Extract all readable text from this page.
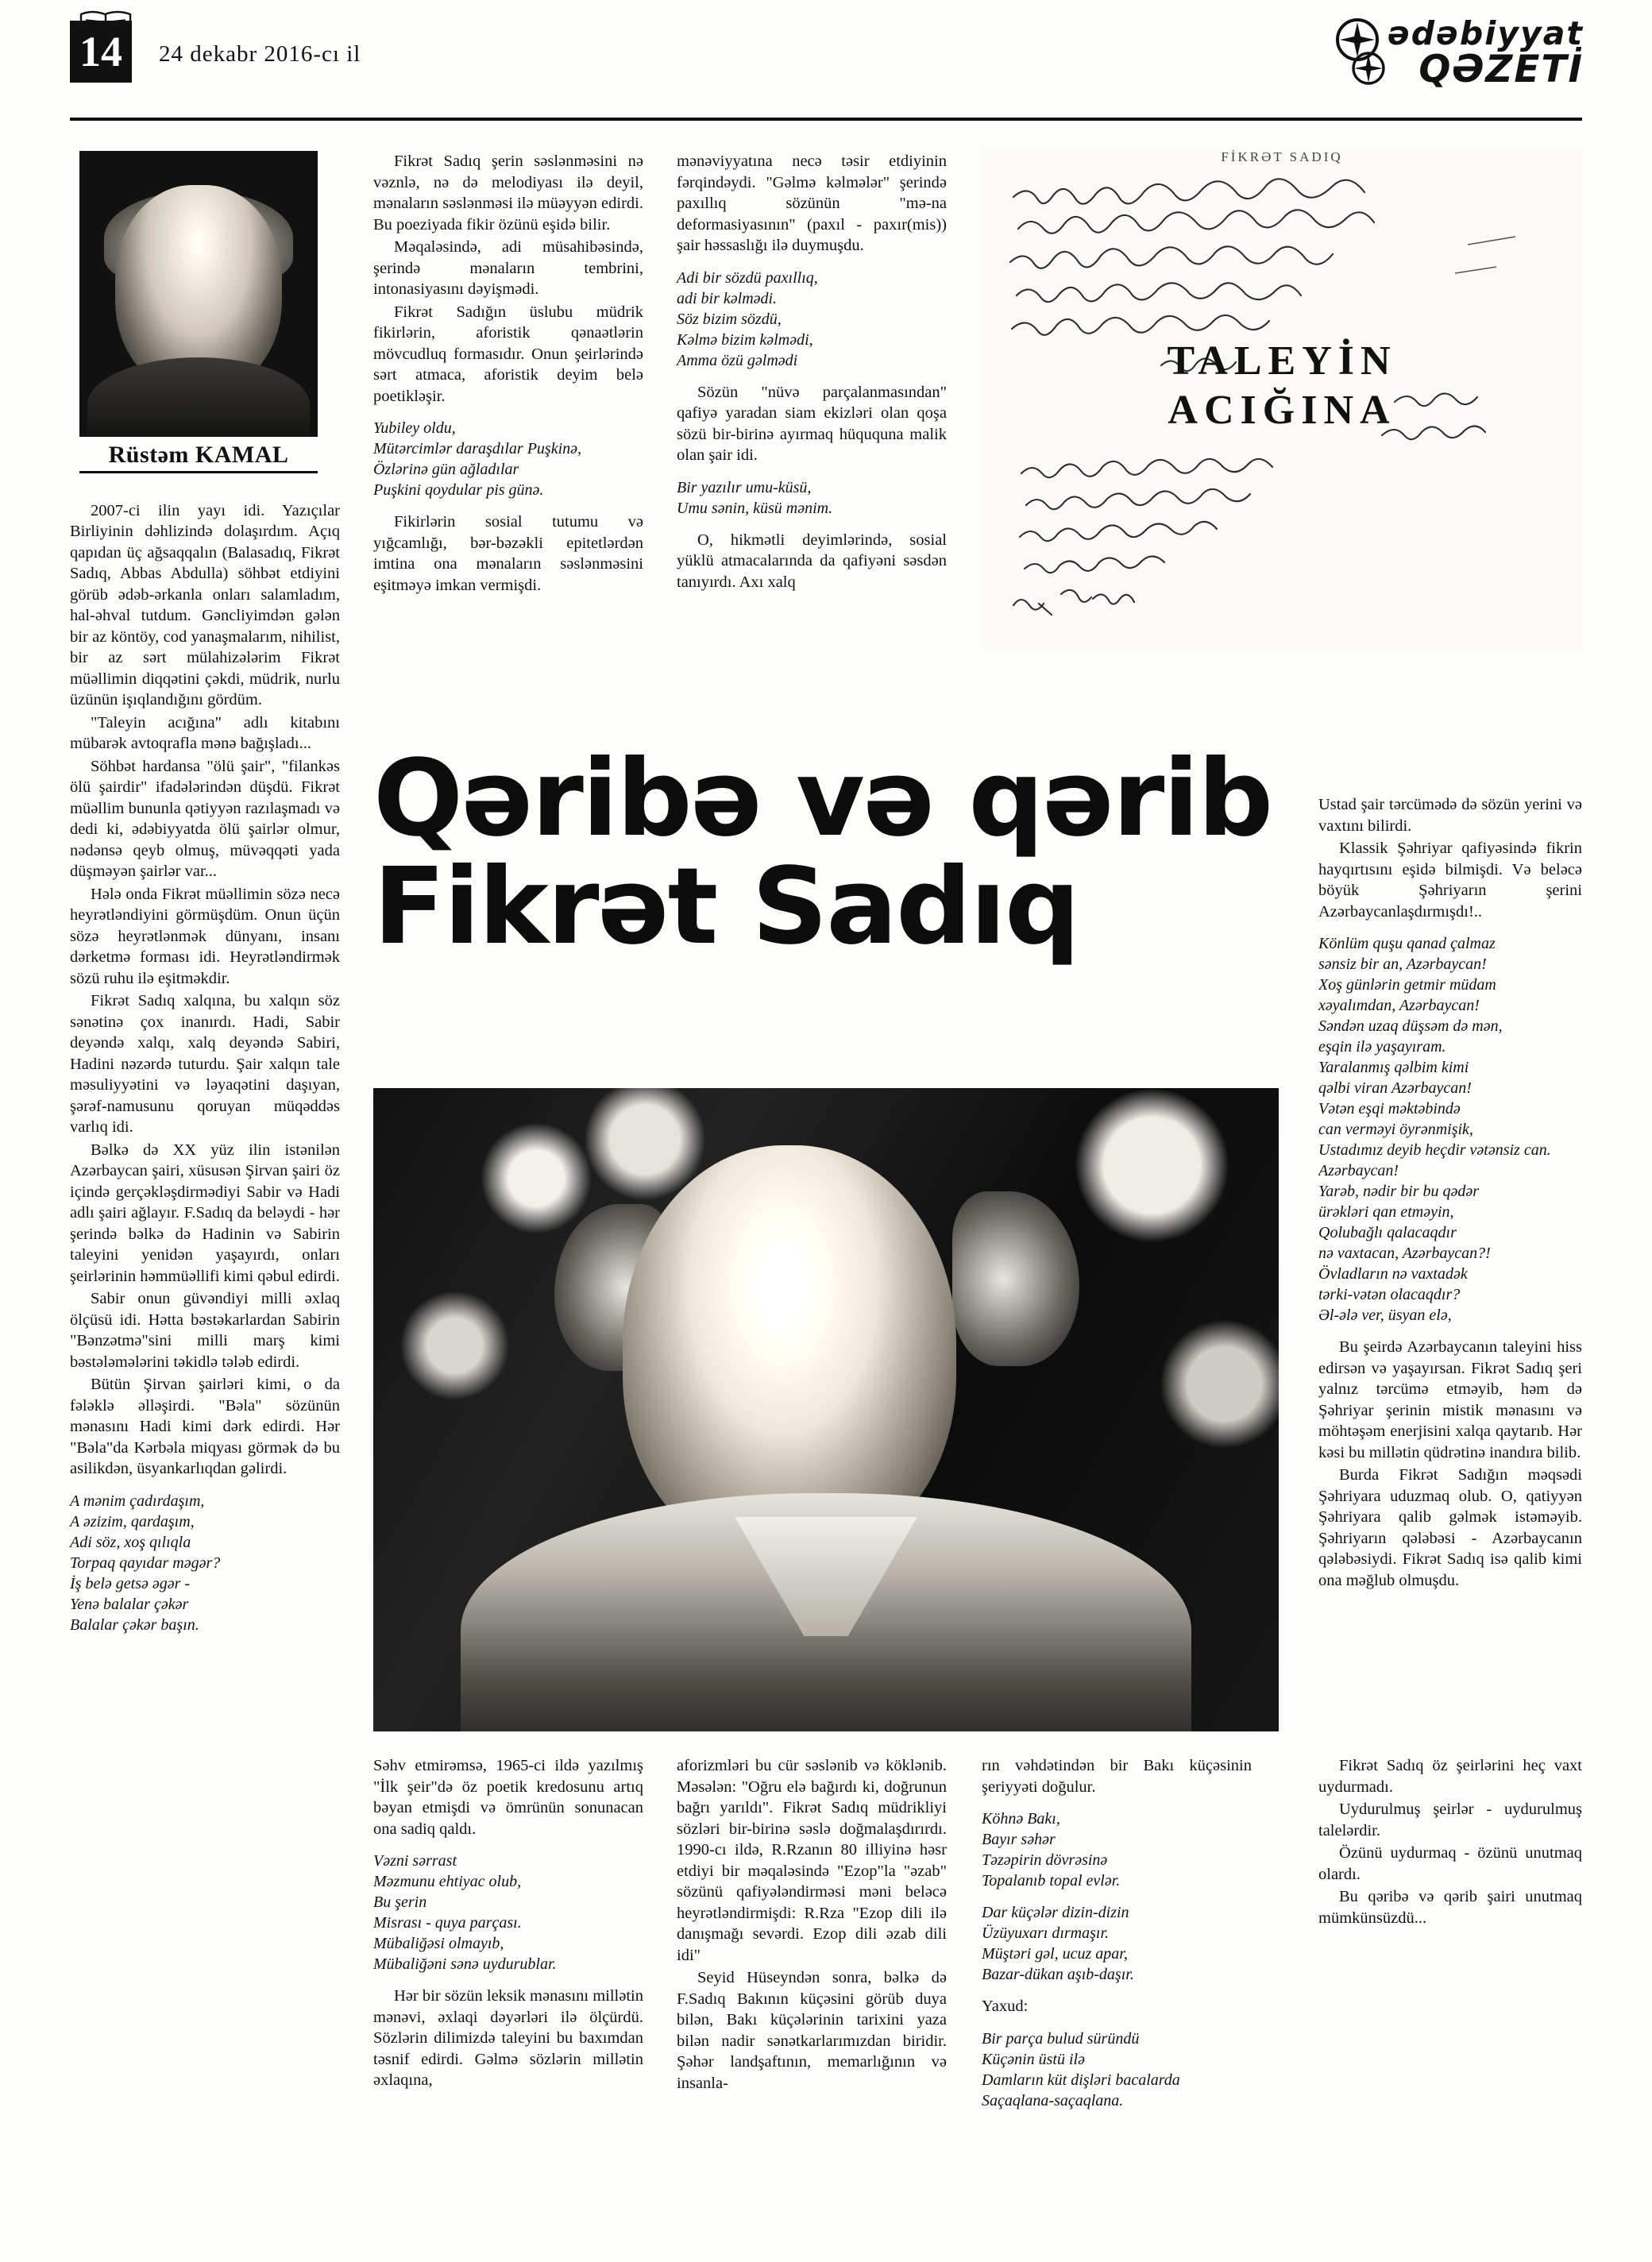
14	24 dekabr 2016-cı il
ədəbiyyat
QƏZETİ
Rüstəm KAMAL

2007-ci ilin yayı idi. Yazıçılar Birliyinin dəhlizində dolaşırdım. Açıq qapıdan üç ağsaqqalın (Balasadıq, Fikrət Sadıq, Abbas Abdulla) söhbət etdiyini görüb ədəb-ərkanla onları salamladım, hal-əhval tutdum. Gəncliyimdən gələn bir az köntöy, cod yanaşmalarım, nihilist, bir az sərt mülahizələrim Fikrət müəllimin diqqətini çəkdi, müdrik, nurlu üzünün işıqlandığını gördüm.

"Taleyin acığına" adlı kitabını mübarək avtoqrafla mənə bağışladı...

Söhbət hardansa "ölü şair", "filankəs ölü şairdir" ifadələrindən düşdü. Fikrət müəllim bununla qətiyyən razılaşmadı və dedi ki, ədəbiyyatda ölü şairlər olmur, nədənsə qeyb olmuş, müvəqqəti yada düşməyən şairlər var...

Hələ onda Fikrət müəllimin sözə necə heyrətləndiyini görmüşdüm. Onun üçün sözə heyrətlənmək dünyanı, insanı dərketmə forması idi. Heyrətləndirmək sözü ruhu ilə eşitməkdir.

Fikrət Sadıq xalqına, bu xalqın söz sənətinə çox inanırdı. Hadi, Sabir deyəndə xalqı, xalq deyəndə Sabiri, Hadini nəzərdə tuturdu. Şair xalqın tale məsuliyyətini və ləyaqətini daşıyan, şərəf-namusunu qoruyan müqəddəs varlıq idi.

Bəlkə də XX yüz ilin istənilən Azərbaycan şairi, xüsusən Şirvan şairi öz içində gerçəkləşdirmədiyi Sabir və Hadi adlı şairi ağlayır. F.Sadıq da beləydi - hər şerində bəlkə də Hadinin və Sabirin taleyini yenidən yaşayırdı, onları şeirlərinin həmmüəllifi kimi qəbul edirdi.

Sabir onun güvəndiyi milli əxlaq ölçüsü idi. Hətta bəstəkarlardan Sabirin "Bənzətmə"sini milli marş kimi bəstələmələrini təkidlə tələb edirdi.

Bütün Şirvan şairləri kimi, o da fələklə əlləşirdi. "Bəla" sözünün mənasını Hadi kimi dərk edirdi. Hər "Bəla"da Kərbəla miqyası görmək də bu asilikdən, üsyankarlıqdan gəlirdi.

A mənim çadırdaşım,
A əzizim, qardaşım,
Adi söz, xoş qılıqla
Torpaq qayıdar məgər?
İş belə getsə əgər -
Yenə balalar çəkər
Balalar çəkər başın.

Fikrət Sadıq şerin səslənməsini nə vəznlə, nə də melodiyası ilə deyil, mənaların səslənməsi ilə müəyyən edirdi. Bu poeziyada fikir özünü eşidə bilir.

Məqaləsində, adi müsahibəsində, şerində mənaların tembrini, intonasiyasını dəyişmədi.

Fikrət Sadığın üslubu müdrik fikirlərin, aforistik qənaətlərin mövcudluq formasıdır. Onun şeirlərində sərt atmaca, aforistik deyim belə poetikləşir.

Yubiley oldu,
Mütərcimlər daraşdılar Puşkinə,
Özlərinə gün ağladılar
Puşkini qoydular pis günə.

Fikirlərin sosial tutumu və yığcamlığı, bər-bəzəkli epitetlərdən imtina ona mənaların səslənməsini eşitməyə imkan vermişdi.

mənəviyyatına necə təsir etdiyinin fərqindəydi. "Gəlmə kəlmələr" şerində paxıllıq sözünün "mə-na deformasiyasının" (paxıl - paxır(mis)) şair həssaslığı ilə duymuşdu.

Adi bir sözdü paxıllıq,
adi bir kəlmədi.
Söz bizim sözdü,
Kəlmə bizim kəlmədi,
Amma özü gəlmədi

Sözün "nüvə parçalanmasından" qafiyə yaradan siam ekizləri olan qoşa sözü bir-birinə ayırmaq hüququna malik olan şair idi.

Bir yazılır umu-küsü,
Umu sənin, küsü mənim.

O, hikmətli deyimlərində, sosial yüklü atmacalarında da qafiyəni səsdən tanıyırdı. Axı xalq

FİKRƏT SADIQ
TALEYİN
ACIĞINA
Qəribə və qərib
Fikrət Sadıq

Səhv etmirəmsə, 1965-ci ildə yazılmış "İlk şeir"də öz poetik kredosunu artıq bəyan etmişdi və ömrünün sonunacan ona sadiq qaldı.

Vəzni sərrast
Məzmunu ehtiyac olub,
Bu şerin
Misrası - quya parçası.
Mübaliğəsi olmayıb,
Mübaliğəni sənə uydurublar.

Hər bir sözün leksik mənasını millətin mənəvi, əxlaqi dəyərləri ilə ölçürdü. Sözlərin dilimizdə taleyini bu baxımdan təsnif edirdi. Gəlmə sözlərin millətin əxlaqına,

aforizmləri bu cür səslənib və köklənib. Məsələn: "Oğru elə bağırdı ki, doğrunun bağrı yarıldı". Fikrət Sadıq müdrikliyi sözləri bir-birinə səslə doğmalaşdırırdı. 1990-cı ildə, R.Rzanın 80 illiyinə həsr etdiyi bir məqaləsində "Ezop"la "əzab" sözünü qafiyələndirməsi məni beləcə heyrətləndirmişdi: R.Rza "Ezop dili ilə danışmağı sevərdi. Ezop dili əzab dili idi"

Seyid Hüseyndən sonra, bəlkə də F.Sadıq Bakının küçəsini görüb duya bilən, Bakı küçələrinin tarixini yaza bilən nadir sənətkarlarımızdan biridir. Şəhər landşaftının, memarlığının və insanla-

rın vəhdətindən bir Bakı küçəsinin şeriyyəti doğulur.

Köhnə Bakı,
Bayır səhər
Təzəpirin dövrəsinə
Topalanıb topal evlər.
Dar küçələr dizin-dizin
Üzüyuxarı dırmaşır.
Müştəri gəl, ucuz apar,
Bazar-dükan aşıb-daşır.

Yaxud:

Bir parça bulud süründü
Küçənin üstü ilə
Damların küt dişləri bacalarda
Saçaqlana-saçaqlana.

Ustad şair tərcümədə də sözün yerini və vaxtını bilirdi.

Klassik Şəhriyar qafiyəsində fikrin hayqırtısını eşidə bilmişdi. Və beləcə böyük Şəhriyarın şerini Azərbaycanlaşdırmışdı!..

Könlüm quşu qanad çalmaz
sənsiz bir an, Azərbaycan!
Xoş günlərin getmir müdam
xəyalımdan, Azərbaycan!
Səndən uzaq düşsəm də mən,
eşqin ilə yaşayıram.
Yaralanmış qəlbim kimi
qəlbi viran Azərbaycan!
Vətən eşqi məktəbində
can verməyi öyrənmişik,
Ustadımız deyib heçdir vətənsiz can.
Azərbaycan!
Yarəb, nədir bir bu qədər
ürəkləri qan etməyin,
Qolubağlı qalacaqdır
nə vaxtacan, Azərbaycan?!
Övladların nə vaxtadək
tərki-vətən olacaqdır?
Əl-ələ ver, üsyan elə,

Bu şeirdə Azərbaycanın taleyini hiss edirsən və yaşayırsan. Fikrət Sadıq şeri yalnız tərcümə etməyib, həm də Şəhriyar şerinin mistik mənasını və möhtəşəm enerjisini xalqa qaytarıb. Hər kəsi bu millətin qüdrətinə inandıra bilib.

Burda Fikrət Sadığın məqsədi Şəhriyara uduzmaq olub. O, qatiyyən Şəhriyara qalib gəlmək istəməyib. Şəhriyarın qələbəsi - Azərbaycanın qələbəsiydi. Fikrət Sadıq isə qalib kimi ona məğlub olmuşdu.

Fikrət Sadıq öz şeirlərini heç vaxt uydurmadı.

Uydurulmuş şeirlər - uydurulmuş talelərdir.

Özünü uydurmaq - özünü unutmaq olardı.

Bu qəribə və qərib şairi unutmaq mümkünsüzdü...
